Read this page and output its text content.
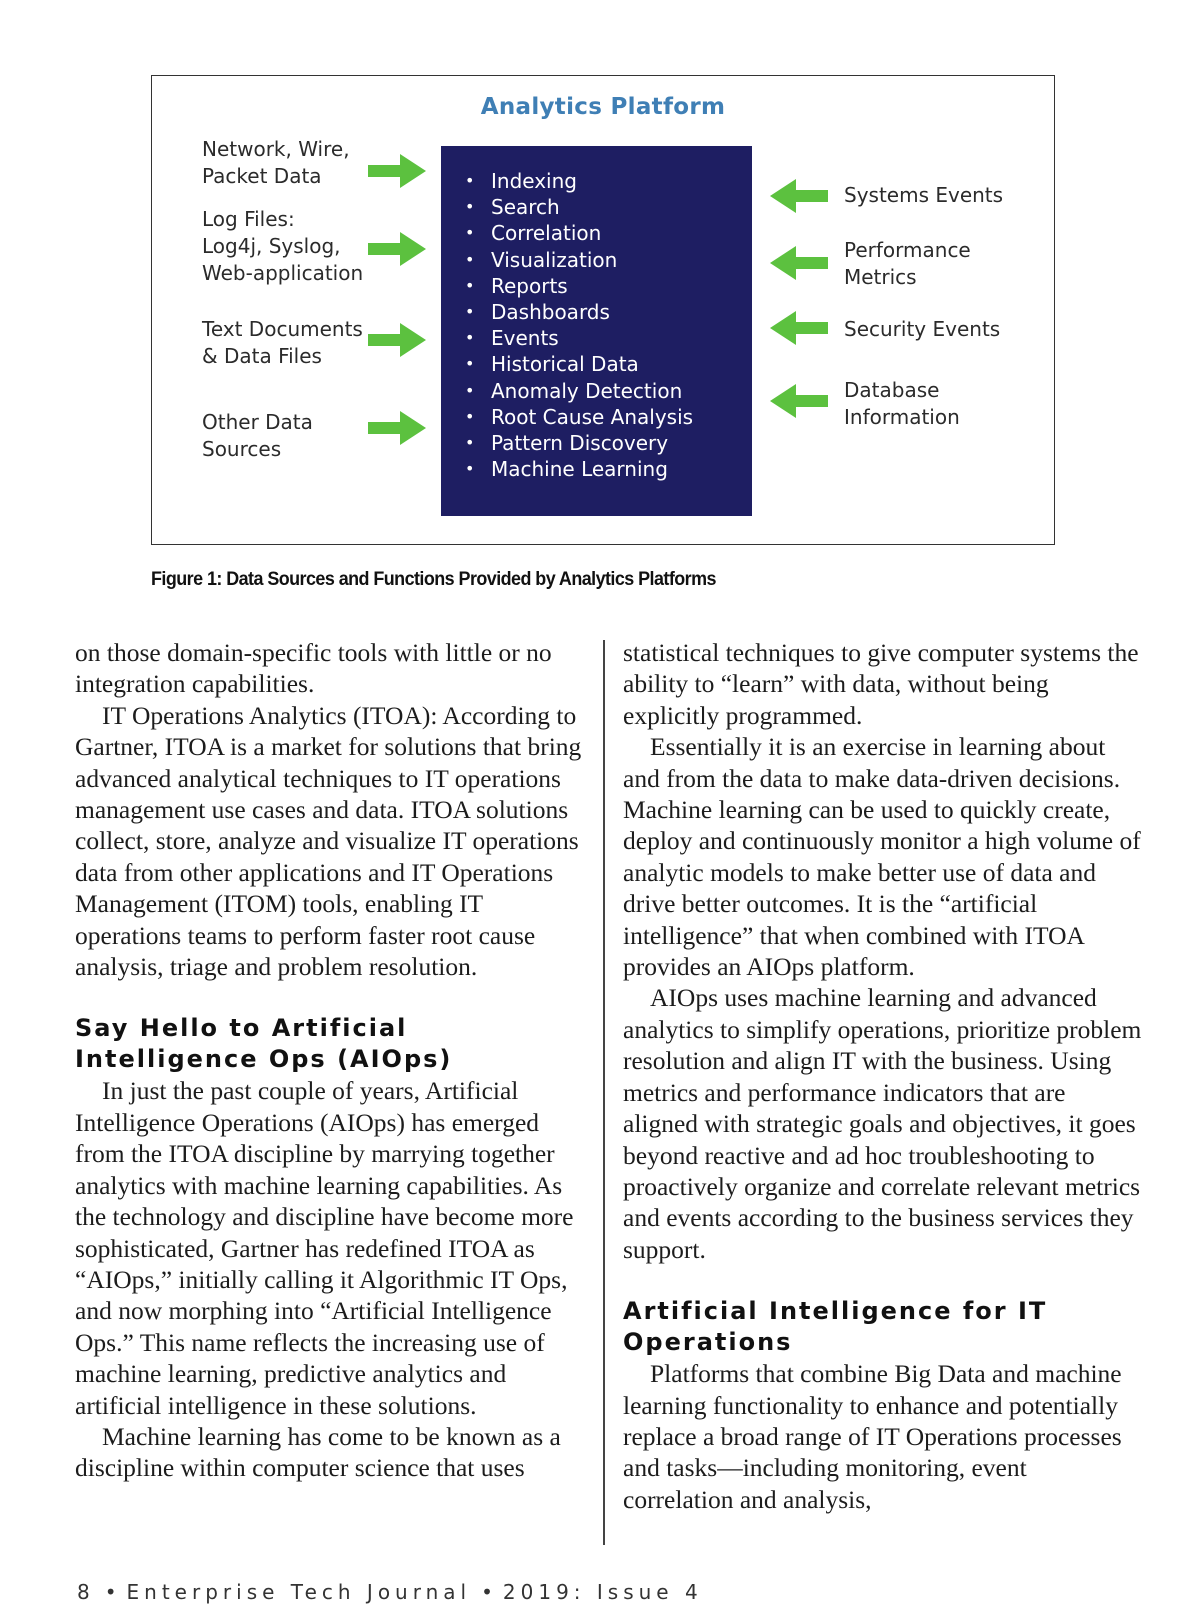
Analytics Platform
Network, Wire,
Packet Data
Log Files:
Log4j, Syslog,
Web-application
Text Documents
& Data Files
Other Data
Sources
• Indexing
• Search
• Correlation
• Visualization
• Reports
• Dashboards
• Events
• Historical Data
• Anomaly Detection
• Root Cause Analysis
• Pattern Discovery
• Machine Learning
Systems Events
Performance
Metrics
Security Events
Database
Information
Figure 1: Data Sources and Functions Provided by Analytics Platforms

on those domain-specific tools with little or no integration capabilities.

IT Operations Analytics (ITOA): According to Gartner, ITOA is a market for solutions that bring advanced analytical techniques to IT operations management use cases and data. ITOA solutions collect, store, analyze and visualize IT operations data from other applications and IT Operations Management (ITOM) tools, enabling IT operations teams to perform faster root cause analysis, triage and problem resolution.

Say Hello to Artificial Intelligence Ops (AIOps)

In just the past couple of years, Artificial Intelligence Operations (AIOps) has emerged from the ITOA discipline by marrying together analytics with machine learning capabilities. As the technology and discipline have become more sophisticated, Gartner has redefined ITOA as “AIOps,” initially calling it Algorithmic IT Ops, and now morphing into “Artificial Intelligence Ops.” This name reflects the increasing use of machine learning, predictive analytics and artificial intelligence in these solutions.

Machine learning has come to be known as a discipline within computer science that uses

statistical techniques to give computer systems the ability to “learn” with data, without being explicitly programmed.

Essentially it is an exercise in learning about and from the data to make data-driven decisions. Machine learning can be used to quickly create, deploy and continuously monitor a high volume of analytic models to make better use of data and drive better outcomes. It is the “artificial intelligence” that when combined with ITOA provides an AIOps platform.

AIOps uses machine learning and advanced analytics to simplify operations, prioritize problem resolution and align IT with the business. Using metrics and performance indicators that are aligned with strategic goals and objectives, it goes beyond reactive and ad hoc troubleshooting to proactively organize and correlate relevant metrics and events according to the business services they support.

Artificial Intelligence for IT Operations

Platforms that combine Big Data and machine learning functionality to enhance and potentially replace a broad range of IT Operations processes and tasks—including monitoring, event correlation and analysis,

8 • Enterprise Tech Journal • 2019: Issue 4
